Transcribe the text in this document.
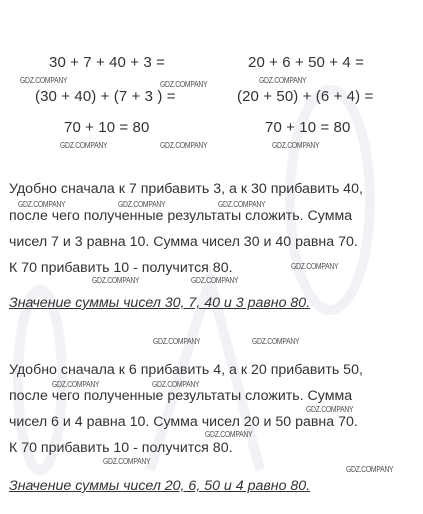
30 + 7 + 40 + 3 =
(30 + 40) + (7 + 3 ) =
70 + 10 = 80
20 + 6 + 50 + 4 =
(20 + 50) + (6 + 4) =
70 + 10 = 80
Удобно сначала к 7 прибавить 3, а к 30 прибавить 40,
после чего полученные результаты сложить. Сумма
чисел 7 и 3 равна 10. Сумма чисел 30 и 40 равна 70.
К 70 прибавить 10 - получится 80.
Значение суммы чисел 30, 7, 40 и 3 равно 80.
Удобно сначала к 6 прибавить 4, а к 20 прибавить 50,
после чего полученные результаты сложить. Сумма
чисел 6 и 4 равна 10. Сумма чисел 20 и 50 равна 70.
К 70 прибавить 10 - получится 80.
Значение суммы чисел 20, 6, 50 и 4 равно 80.
GDZ.COMPANY	GDZ.COMPANY	GDZ.COMPANY
GDZ.COMPANY	GDZ.COMPANY	GDZ.COMPANY
GDZ.COMPANY	GDZ.COMPANY	GDZ.COMPANY
GDZ.COMPANY
GDZ.COMPANY	GDZ.COMPANY
GDZ.COMPANY	GDZ.COMPANY
GDZ.COMPANY	GDZ.COMPANY
GDZ.COMPANY
GDZ.COMPANY
GDZ.COMPANY
GDZ.COMPANY
